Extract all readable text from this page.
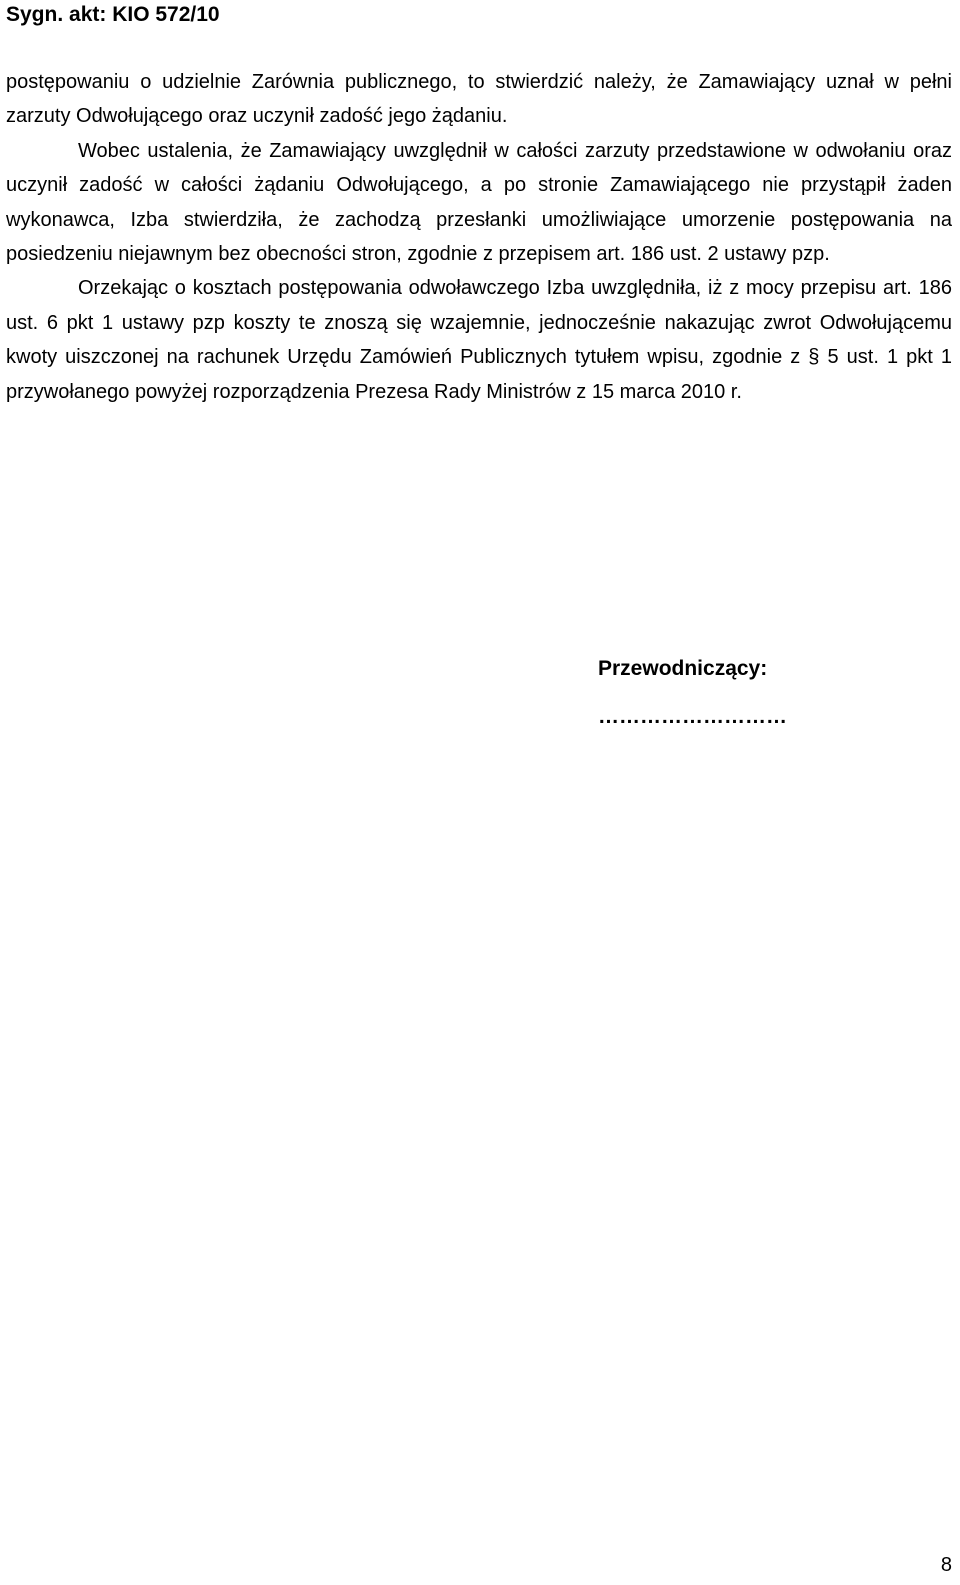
Sygn. akt: KIO 572/10

postępowaniu o udzielnie Zarównia publicznego, to stwierdzić należy, że Zamawiający uznał w pełni zarzuty Odwołującego oraz uczynił zadość jego żądaniu.

Wobec ustalenia, że Zamawiający uwzględnił w całości zarzuty przedstawione w odwołaniu oraz uczynił zadość w całości żądaniu Odwołującego, a po stronie Zamawiającego nie przystąpił żaden wykonawca, Izba stwierdziła, że zachodzą przesłanki umożliwiające umorzenie postępowania na posiedzeniu niejawnym bez obecności stron, zgodnie z przepisem art. 186 ust. 2 ustawy pzp.

Orzekając o kosztach postępowania odwoławczego Izba uwzględniła, iż z mocy przepisu art. 186 ust. 6 pkt 1 ustawy pzp koszty te znoszą się wzajemnie, jednocześnie nakazując zwrot Odwołującemu kwoty uiszczonej na rachunek Urzędu Zamówień Publicznych tytułem wpisu, zgodnie z § 5 ust. 1 pkt 1 przywołanego powyżej rozporządzenia Prezesa Rady Ministrów z 15 marca 2010 r.

Przewodniczący:
………………………
8
